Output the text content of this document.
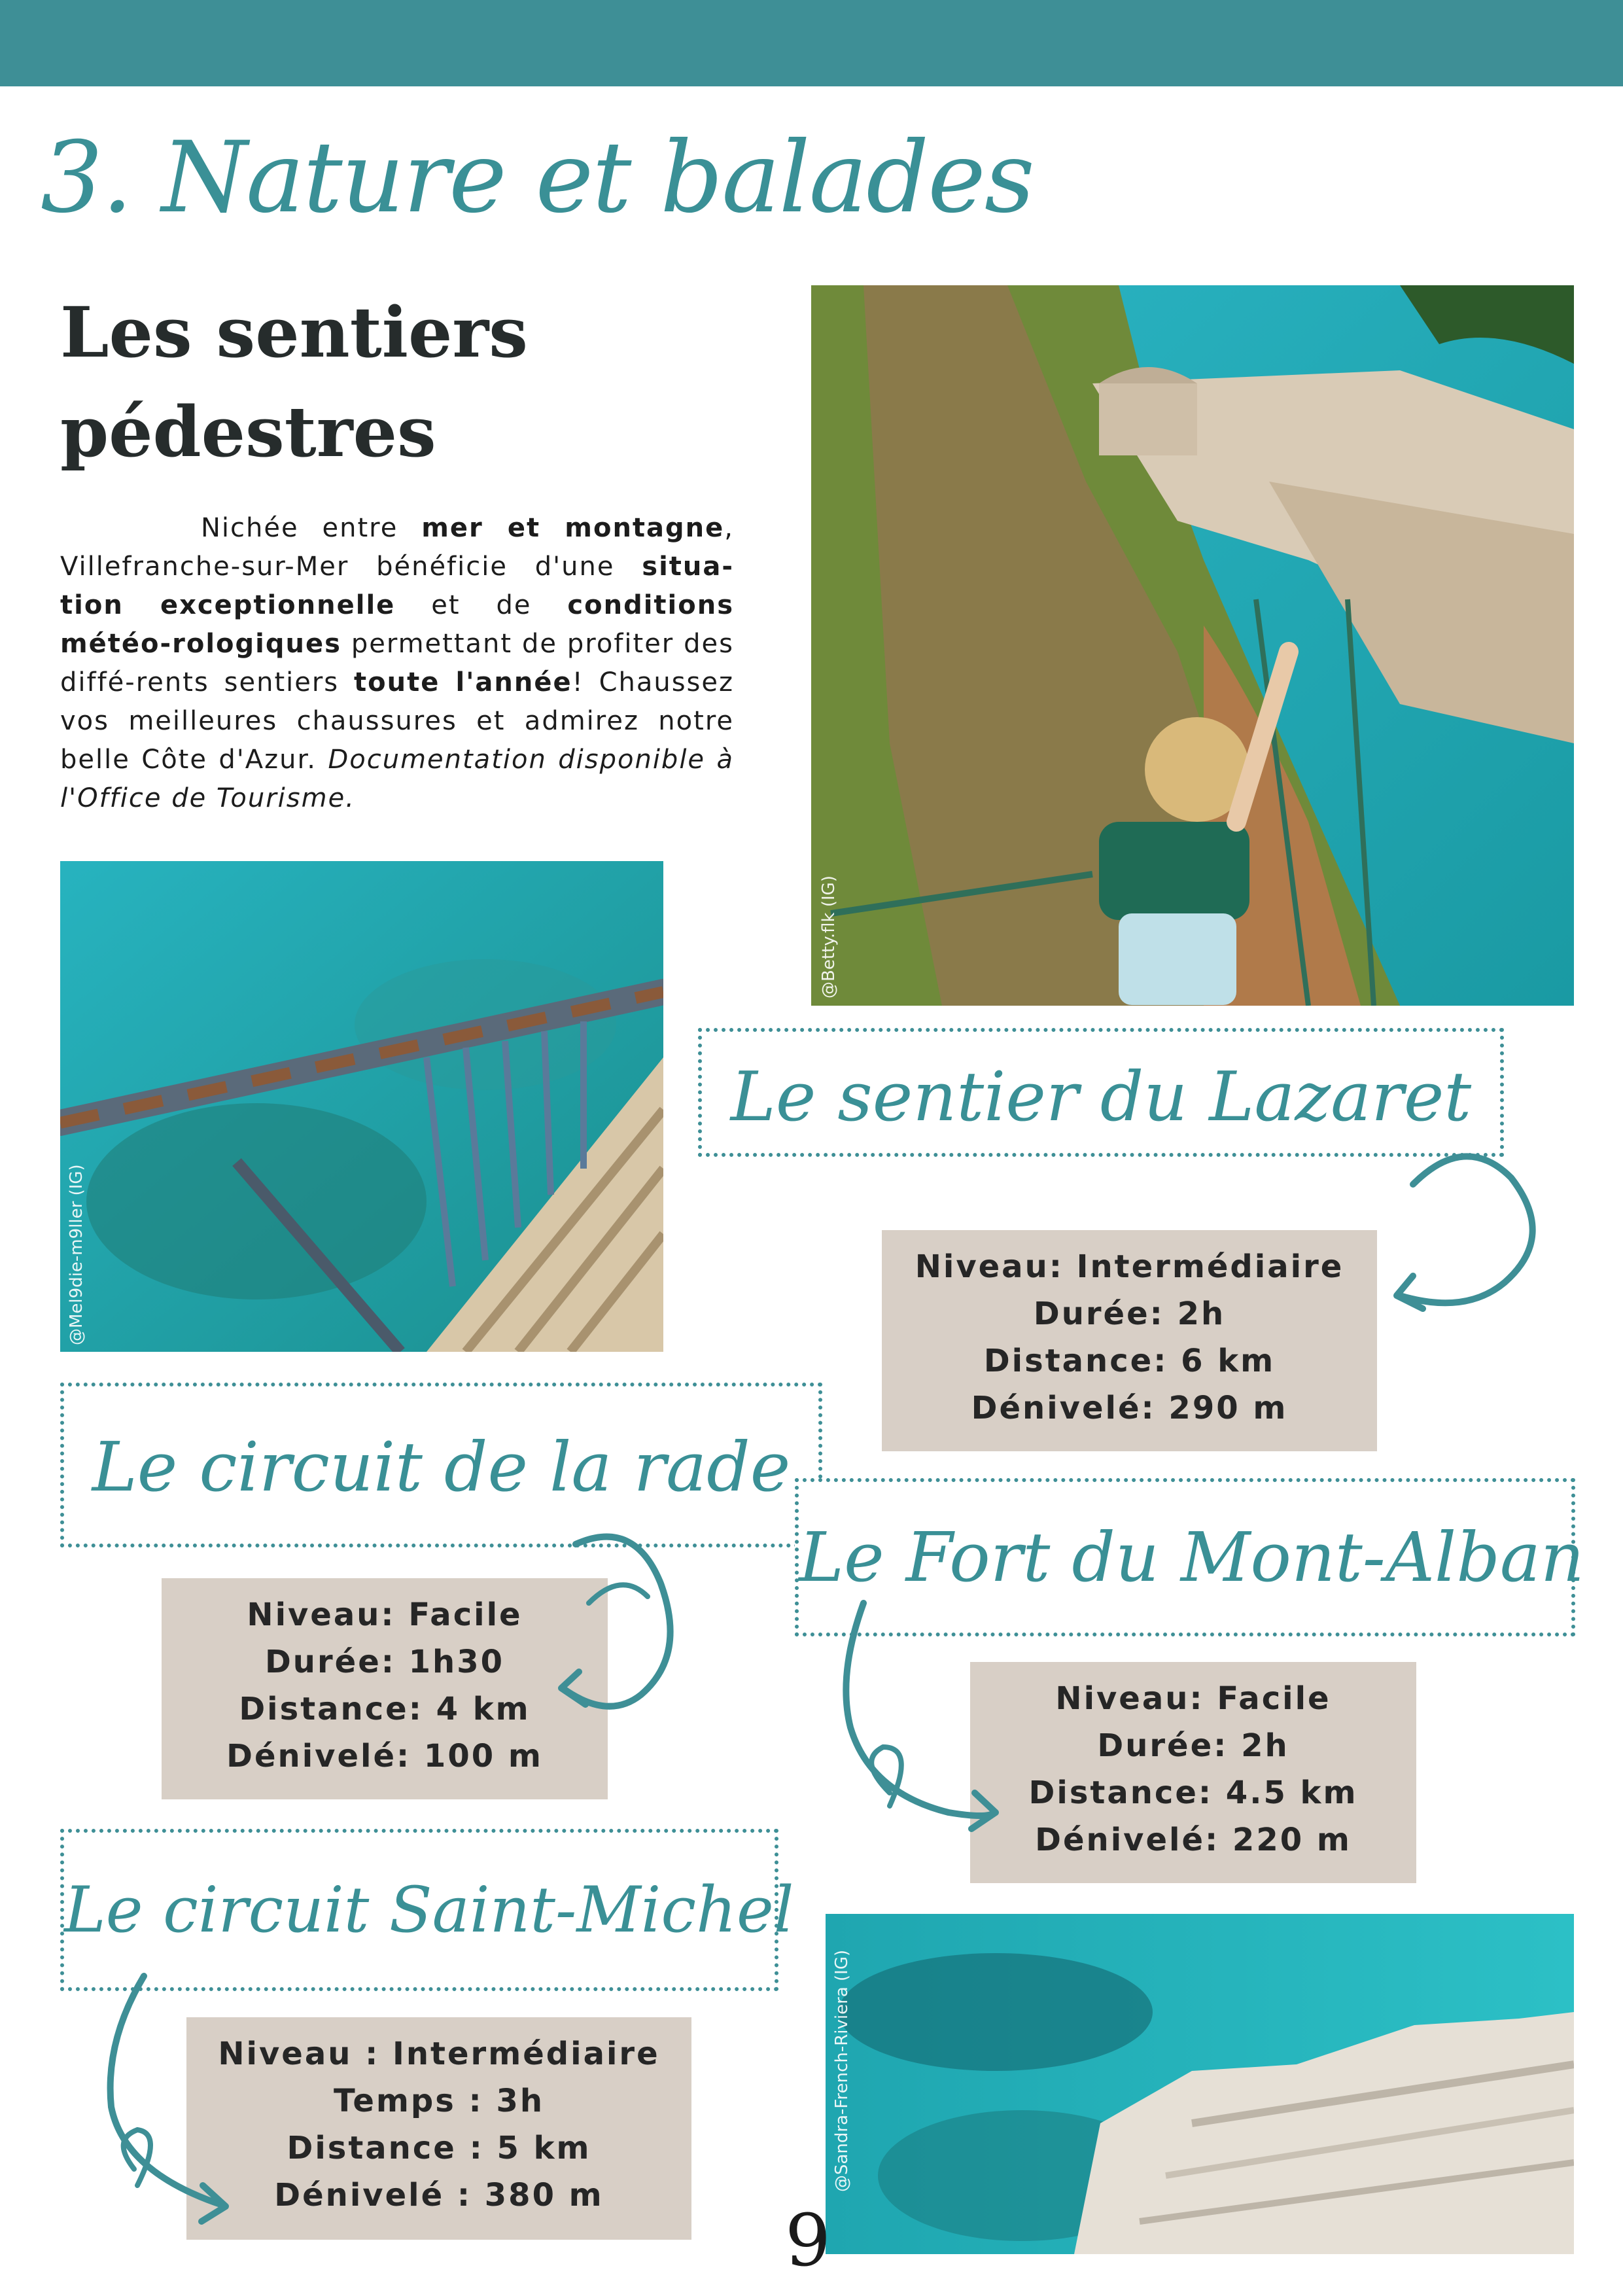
3. Nature et balades
Les sentiers
pédestres
Nichée entre mer et montagne, Villefranche-sur-Mer bénéficie d'une situa-tion exceptionnelle et de conditions météo-rologiques permettant de profiter des diffé-rents sentiers toute l'année! Chaussez vos meilleures chaussures et admirez notre belle Côte d'Azur. Documentation disponible à l'Office de Tourisme.
@Betty.flk (IG)
@Mel9die-m9ller (IG)
@Sandra-French-Riviera (IG)
Le sentier du Lazaret
Niveau: Intermédiaire
Durée: 2h
Distance: 6 km
Dénivelé: 290 m
Le circuit de la rade
Niveau: Facile
Durée: 1h30
Distance: 4 km
Dénivelé: 100 m
Le Fort du Mont-Alban
Niveau: Facile
Durée: 2h
Distance: 4.5 km
Dénivelé: 220 m
Le circuit Saint-Michel
Niveau : Intermédiaire
Temps : 3h
Distance : 5 km
Dénivelé : 380 m
9
